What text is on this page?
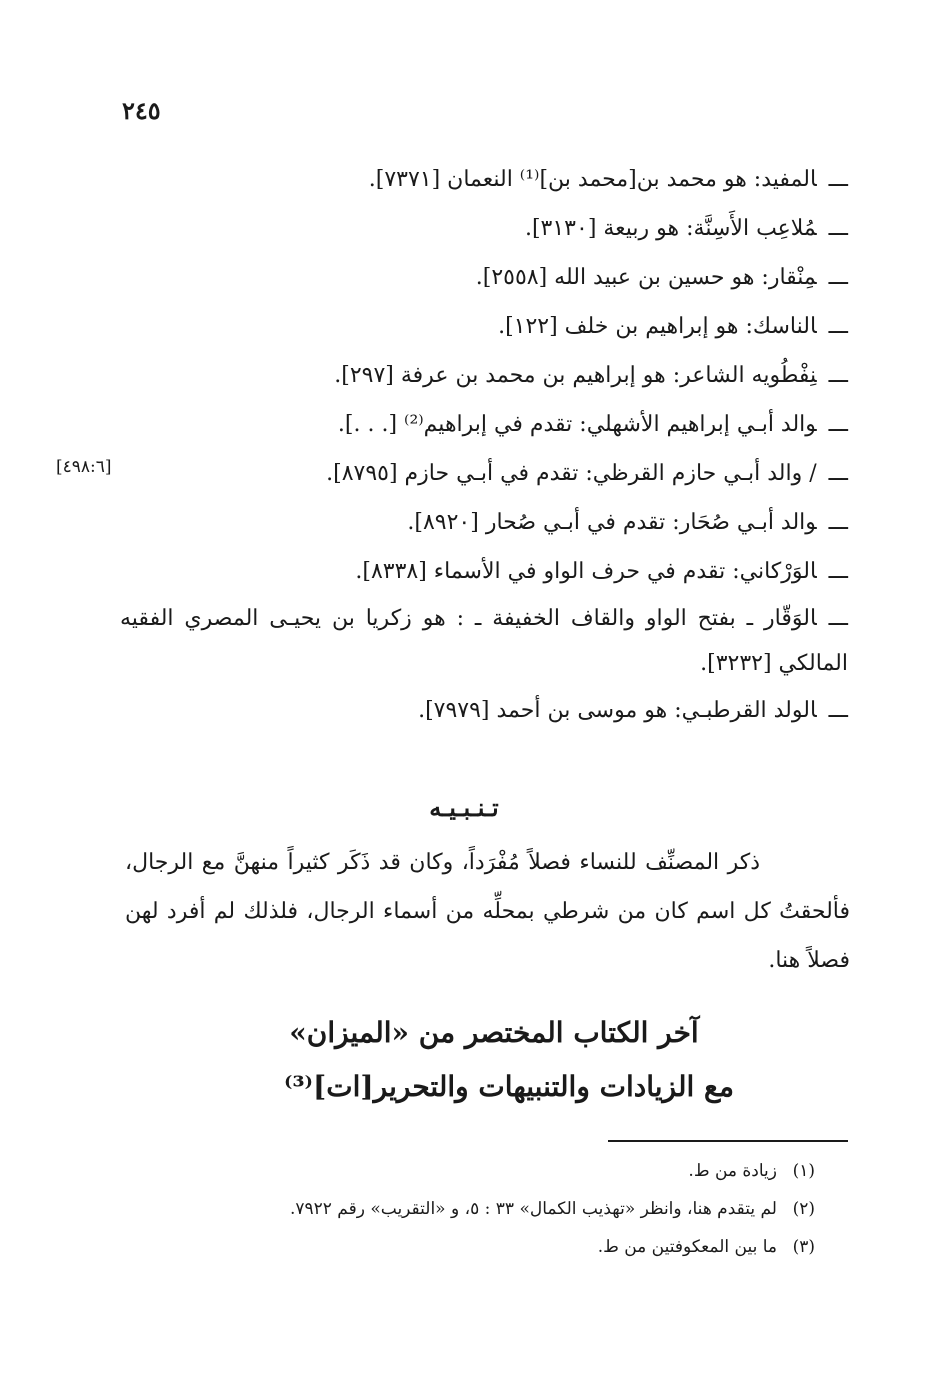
٢٤٥
ـــالمفيد: هو محمد بن[محمد بن]⁽¹⁾ النعمان [٧٣٧١].
ـــمُلاعِب الأَسِنَّة: هو ربيعة [٣١٣٠].
ـــمِنْقار: هو حسين بن عبيد الله [٢٥٥٨].
ـــالناسك: هو إبراهيم بن خلف [١٢٢].
ـــنِفْطُويه الشاعر: هو إبراهيم بن محمد بن عرفة [٢٩٧].
ـــوالد أبـي إبراهيم الأشهلي: تقدم في إبراهيم⁽²⁾ [. . .].
ـــ/ والد أبـي حازم القرظي: تقدم في أبـي حازم [٨٧٩٥].
ـــوالد أبـي صُحَار: تقدم في أبـي صُحار [٨٩٢٠].
ـــالوَرْكاني: تقدم في حرف الواو في الأسماء [٨٣٣٨].
ـــالوَقّار ـ بفتح الواو والقاف الخفيفة ـ : هو زكريا بن يحيـى المصري الفقيه المالكي [٣٢٣٢].
ـــالولد القرطبـي: هو موسى بن أحمد [٧٩٧٩].
[٤٩٨:٦]
تـنـبـيـه
ذكر المصنِّف للنساء فصلاً مُفْرَداً، وكان قد ذَكَر كثيراً منهنَّ مع الرجال، فألحقتُ كل اسم كان من شرطي بمحلِّه من أسماء الرجال، فلذلك لم أفرد لهن فصلاً هنا.
آخر الكتاب المختصر من «الميزان»
مع الزيادات والتنبيهات والتحرير[ات]⁽³⁾
(١)زيادة من ط.
(٢)لم يتقدم هنا، وانظر «تهذيب الكمال» ٣٣ : ٥، و «التقريب» رقم ٧٩٢٢.
(٣)ما بين المعكوفتين من ط.
